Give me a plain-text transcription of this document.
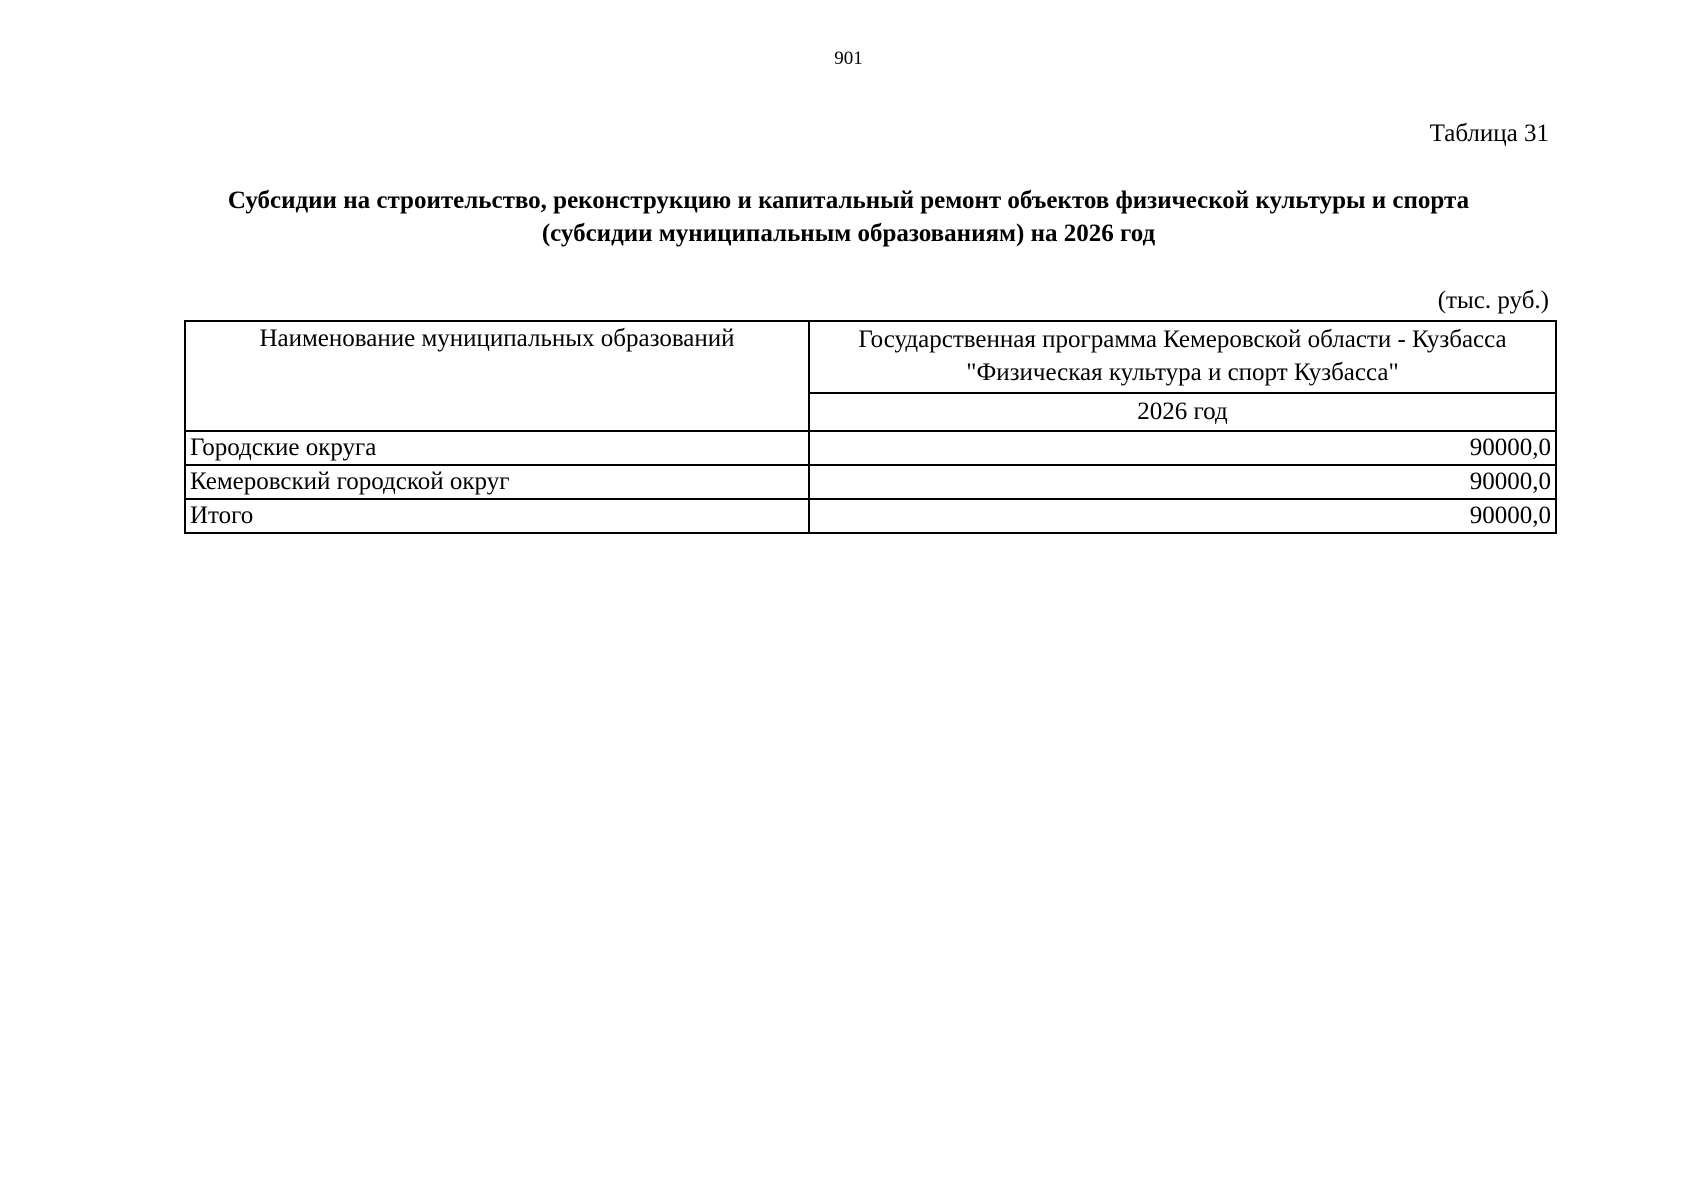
901
Таблица 31
Субсидии на строительство, реконструкцию и капитальный ремонт объектов физической культуры и спорта
(субсидии муниципальным образованиям) на 2026 год
(тыс. руб.)
Наименование муниципальных образований	Государственная программа Кемеровской области - Кузбасса
"Физическая культура и спорт Кузбасса"

	2026 год
Городские округа	90000,0
Кемеровский городской округ	90000,0
Итого	90000,0
